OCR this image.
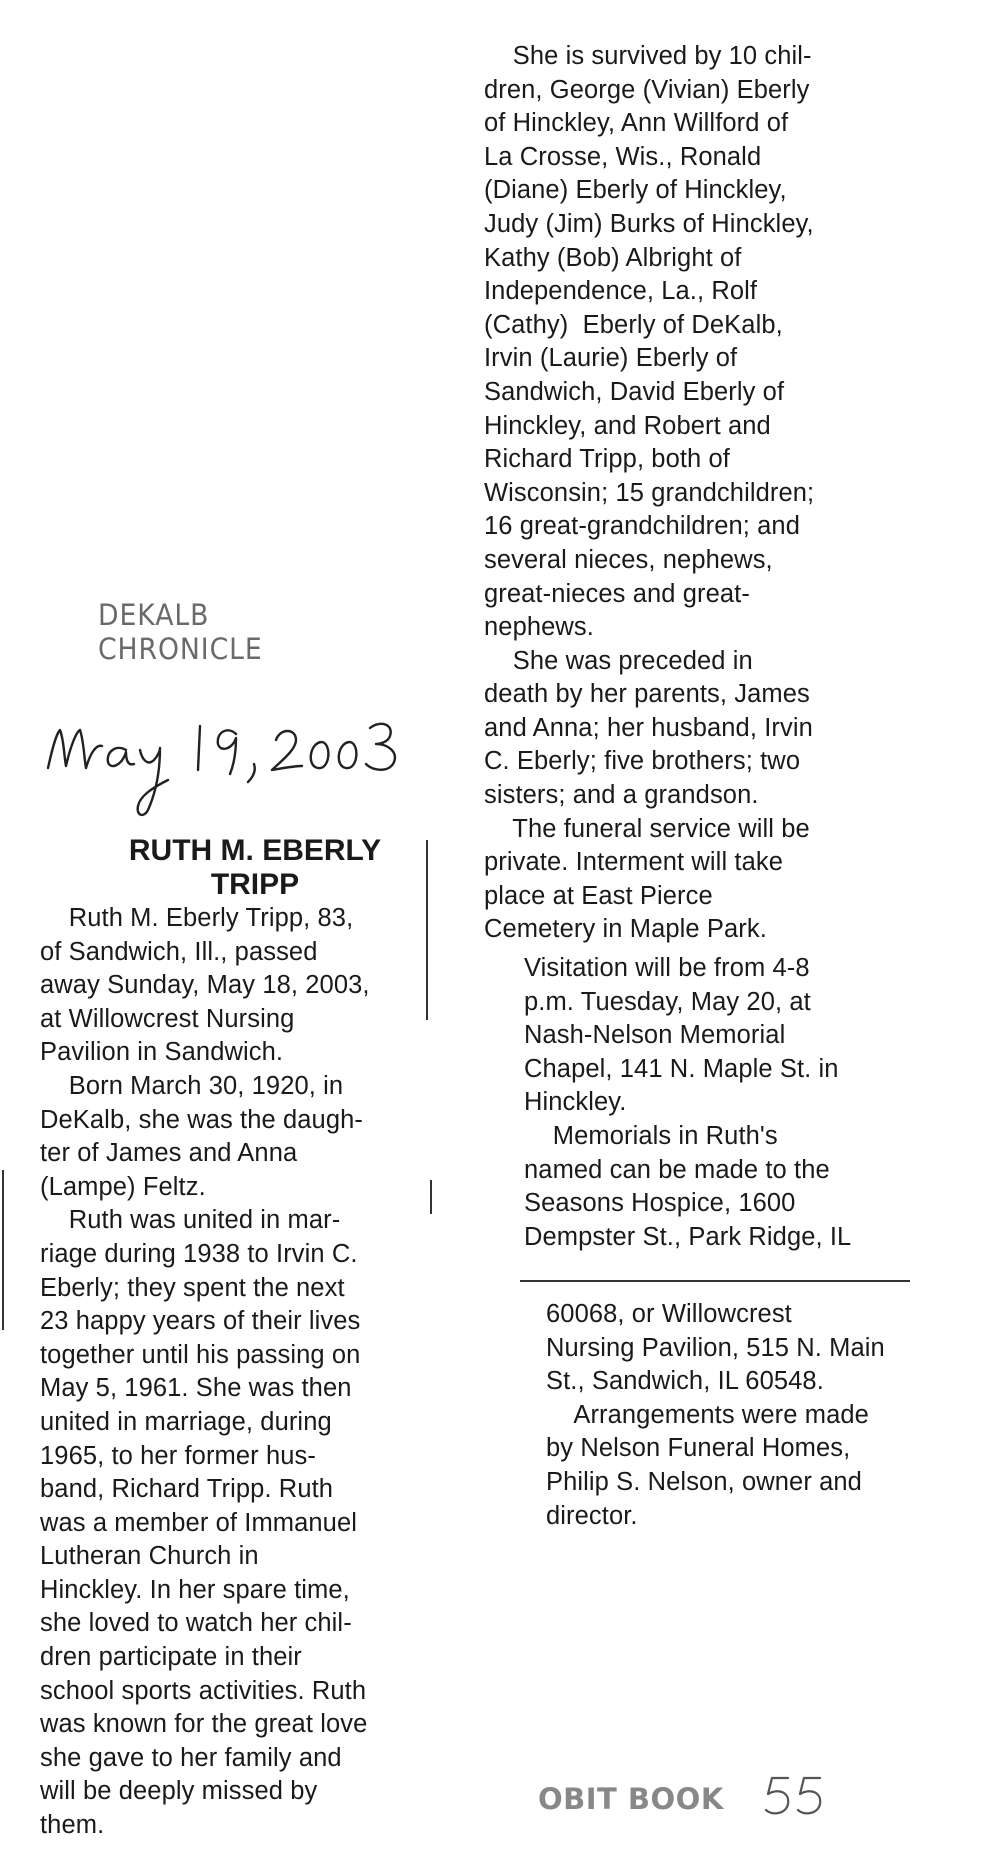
DEKALB CHRONICLE
RUTH M. EBERLY
TRIPP
Ruth M. Eberly Tripp, 83,
of Sandwich, Ill., passed
away Sunday, May 18, 2003,
at Willowcrest Nursing
Pavilion in Sandwich.
Born March 30, 1920, in
DeKalb, she was the daugh-
ter of James and Anna
(Lampe) Feltz.
Ruth was united in mar-
riage during 1938 to Irvin C.
Eberly; they spent the next
23 happy years of their lives
together until his passing on
May 5, 1961. She was then
united in marriage, during
1965, to her former hus-
band, Richard Tripp. Ruth
was a member of Immanuel
Lutheran Church in
Hinckley. In her spare time,
she loved to watch her chil-
dren participate in their
school sports activities. Ruth
was known for the great love
she gave to her family and
will be deeply missed by
them.
She is survived by 10 chil-
dren, George (Vivian) Eberly
of Hinckley, Ann Willford of
La Crosse, Wis., Ronald
(Diane) Eberly of Hinckley,
Judy (Jim) Burks of Hinckley,
Kathy (Bob) Albright of
Independence, La., Rolf
(Cathy)  Eberly of DeKalb,
Irvin (Laurie) Eberly of
Sandwich, David Eberly of
Hinckley, and Robert and
Richard Tripp, both of
Wisconsin; 15 grandchildren;
16 great-grandchildren; and
several nieces, nephews,
great-nieces and great-
nephews.
She was preceded in
death by her parents, James
and Anna; her husband, Irvin
C. Eberly; five brothers; two
sisters; and a grandson.
The funeral service will be
private. Interment will take
place at East Pierce
Cemetery in Maple Park.
Visitation will be from 4-8
p.m. Tuesday, May 20, at
Nash-Nelson Memorial
Chapel, 141 N. Maple St. in
Hinckley.
Memorials in Ruth's
named can be made to the
Seasons Hospice, 1600
Dempster St., Park Ridge, IL
60068, or Willowcrest
Nursing Pavilion, 515 N. Main
St., Sandwich, IL 60548.
Arrangements were made
by Nelson Funeral Homes,
Philip S. Nelson, owner and
director.
OBIT BOOK
